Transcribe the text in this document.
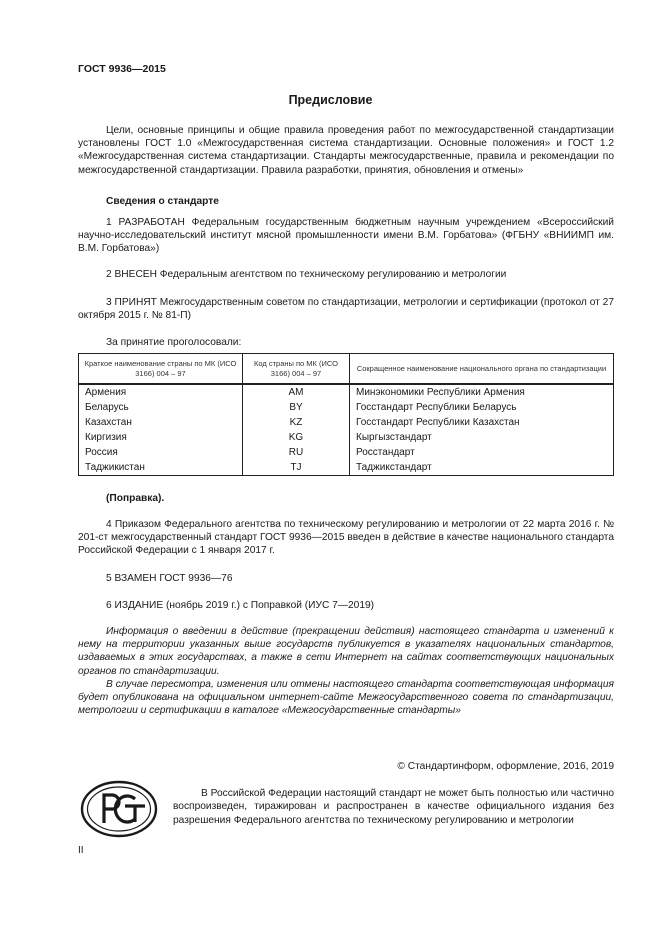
ГОСТ 9936—2015
Предисловие
Цели, основные принципы и общие правила проведения работ по межгосударственной стандартизации установлены ГОСТ 1.0 «Межгосударственная система стандартизации. Основные положения» и ГОСТ 1.2 «Межгосударственная система стандартизации. Стандарты межгосударственные, правила и рекомендации по межгосударственной стандартизации. Правила разработки, принятия, обновления и отмены»
Сведения о стандарте
1 РАЗРАБОТАН Федеральным государственным бюджетным научным учреждением «Всероссийский научно-исследовательский институт мясной промышленности имени В.М. Горбатова» (ФГБНУ «ВНИИМП им. В.М. Горбатова»)
2 ВНЕСЕН Федеральным агентством по техническому регулированию и метрологии
3 ПРИНЯТ Межгосударственным советом по стандартизации, метрологии и сертификации (протокол от 27 октября 2015 г. № 81-П)
За принятие проголосовали:
Краткое наименование страны по МК (ИСО 3166) 004 – 97	Код страны по МК (ИСО 3166) 004 – 97	Сокращенное наименование национального органа по стандартизации
Армения	AM	Минэкономики Республики Армения
Беларусь	BY	Госстандарт Республики Беларусь
Казахстан	KZ	Госстандарт Республики Казахстан
Киргизия	KG	Кыргызстандарт
Россия	RU	Росстандарт
Таджикистан	TJ	Таджикстандарт
(Поправка).
4 Приказом Федерального агентства по техническому регулированию и метрологии от 22 марта 2016 г. № 201-ст межгосударственный стандарт ГОСТ 9936—2015 введен в действие в качестве национального стандарта Российской Федерации с 1 января 2017 г.
5 ВЗАМЕН ГОСТ 9936—76
6 ИЗДАНИЕ (ноябрь 2019 г.) с Поправкой (ИУС 7—2019)
Информация о введении в действие (прекращении действия) настоящего стандарта и изменений к нему на территории указанных выше государств публикуется в указателях национальных стандартов, издаваемых в этих государствах, а также в сети Интернет на сайтах соответствующих национальных органов по стандартизации.
В случае пересмотра, изменения или отмены настоящего стандарта соответствующая информация будет опубликована на официальном интернет-сайте Межгосударственного совета по стандартизации, метрологии и сертификации в каталоге «Межгосударственные стандарты»
© Стандартинформ, оформление, 2016, 2019
В Российской Федерации настоящий стандарт не может быть полностью или частично воспроизведен, тиражирован и распространен в качестве официального издания без разрешения Федерального агентства по техническому регулированию и метрологии
II
